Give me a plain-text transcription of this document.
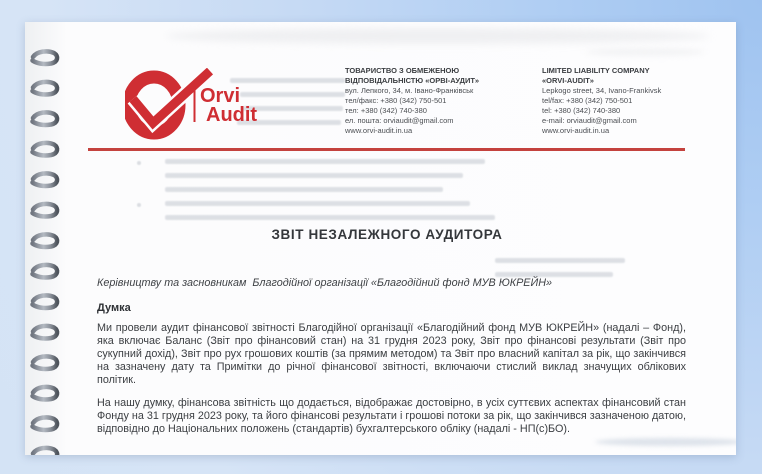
Orvi
Audit
ТОВАРИСТВО З ОБМЕЖЕНОЮ
ВІДПОВІДАЛЬНІСТЮ «ОРВІ-АУДИТ»
вул. Лепкого, 34, м. Івано-Франківськ
тел/факс: +380 (342) 750-501
тел: +380 (342) 740-380
ел. пошта: orviaudit@gmail.com
www.orvi-audit.in.ua
LIMITED LIABILITY COMPANY
«ORVI-AUDIT»
Lepkogo street, 34, Ivano-Frankivsk
tel/fax: +380 (342) 750-501
tel: +380 (342) 740-380
e-mail: orviaudit@gmail.com
www.orvi-audit.in.ua
ЗВІТ НЕЗАЛЕЖНОГО АУДИТОРА
Керівництву та засновникам  Благодійної організації «Благодійний фонд МУВ ЮКРЕЙН»
Думка

Ми провели аудит фінансової звітності Благодійної організації «Благодійний фонд МУВ ЮКРЕЙН» (надалі – Фонд), яка включає Баланс (Звіт про фінансовий стан) на 31 грудня 2023 року, Звіт про фінансові результати (Звіт про сукупний дохід), Звіт про рух грошових коштів (за прямим методом) та Звіт про власний капітал за рік, що закінчився на зазначену дату та Примітки до річної фінансової звітності, включаючи стислий виклад значущих облікових політик.

На нашу думку, фінансова звітність що додається, відображає достовірно, в усіх суттєвих аспектах фінансовий стан Фонду на 31 грудня 2023 року, та його фінансові результати і грошові потоки за рік, що закінчився зазначеною датою, відповідно до Національних положень (стандартів) бухгалтерського обліку (надалі - НП(с)БО).
